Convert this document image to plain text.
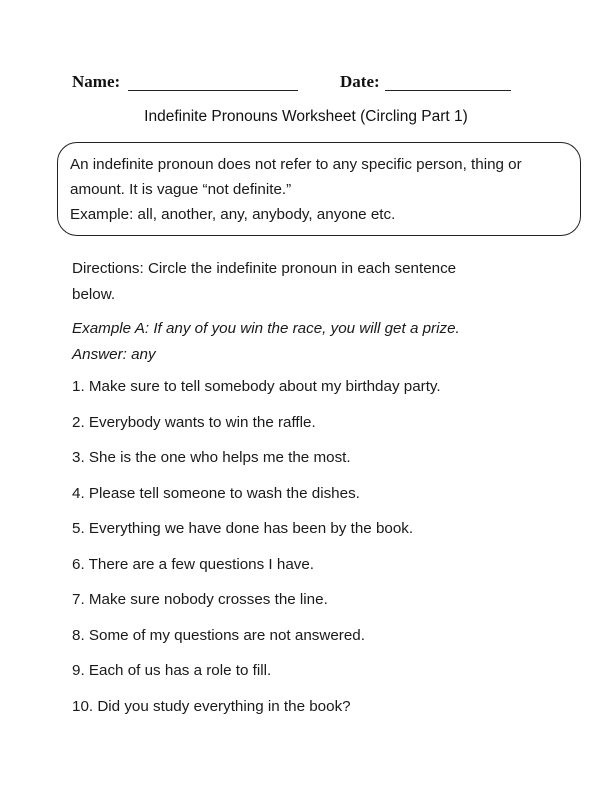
Name:	Date:
Indefinite Pronouns Worksheet (Circling Part 1)
An indefinite pronoun does not refer to any specific person, thing or
amount. It is vague “not definite.”
Example: all, another, any, anybody, anyone etc.
Directions: Circle the indefinite pronoun in each sentence
below.
Example A: If any of you win the race, you will get a prize.
Answer: any
1. Make sure to tell somebody about my birthday party.
2. Everybody wants to win the raffle.
3. She is the one who helps me the most.
4. Please tell someone to wash the dishes.
5. Everything we have done has been by the book.
6. There are a few questions I have.
7. Make sure nobody crosses the line.
8. Some of my questions are not answered.
9. Each of us has a role to fill.
10. Did you study everything in the book?
